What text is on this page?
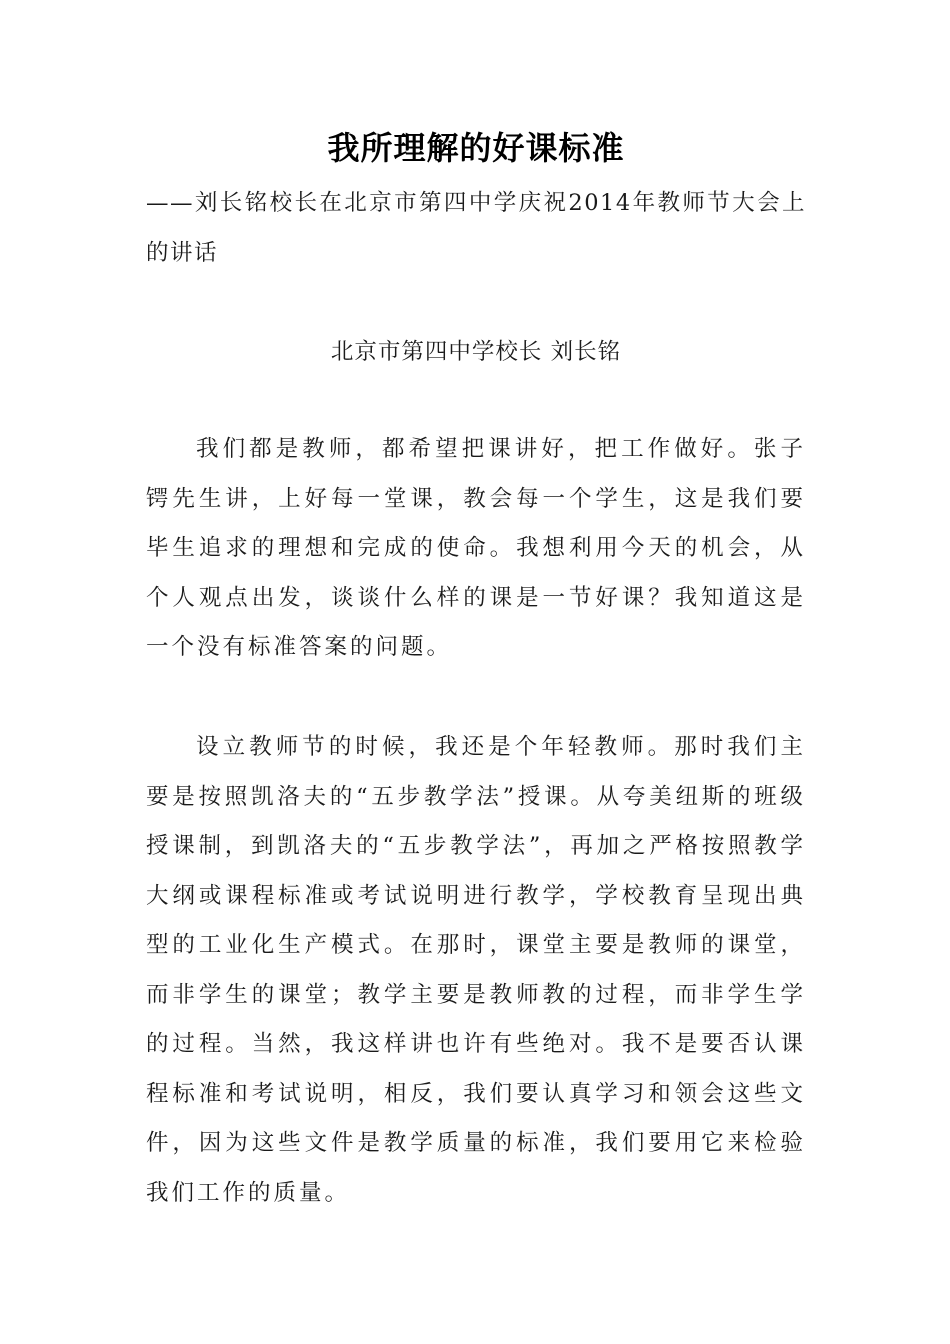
我所理解的好课标准
——刘长铭校长在北京市第四中学庆祝2014年教师节大会上的讲话
北京市第四中学校长 刘长铭

我们都是教师，都希望把课讲好，把工作做好。张子锷先生讲，上好每一堂课，教会每一个学生，这是我们要毕生追求的理想和完成的使命。我想利用今天的机会，从个人观点出发，谈谈什么样的课是一节好课？我知道这是一个没有标准答案的问题。

设立教师节的时候，我还是个年轻教师。那时我们主要是按照凯洛夫的“五步教学法”授课。从夸美纽斯的班级授课制，到凯洛夫的“五步教学法”，再加之严格按照教学大纲或课程标准或考试说明进行教学，学校教育呈现出典型的工业化生产模式。在那时，课堂主要是教师的课堂，而非学生的课堂；教学主要是教师教的过程，而非学生学的过程。当然，我这样讲也许有些绝对。我不是要否认课程标准和考试说明，相反，我们要认真学习和领会这些文件，因为这些文件是教学质量的标准，我们要用它来检验我们工作的质量。
